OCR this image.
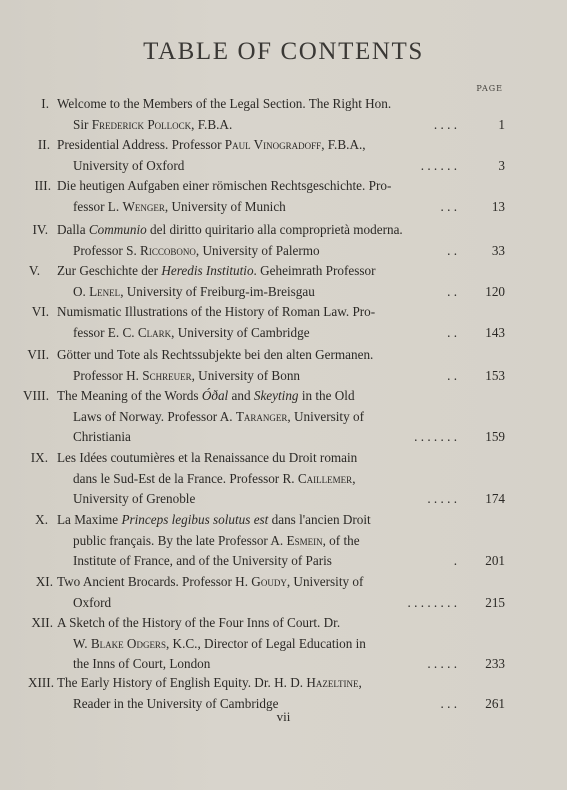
TABLE OF CONTENTS
PAGE
I. Welcome to the Members of the Legal Section. The Right Hon.
Sir Frederick Pollock, F.B.A.	. . . .	1
II. Presidential Address. Professor Paul Vinogradoff, F.B.A.,
University of Oxford	. . . . . .	3
III. Die heutigen Aufgaben einer römischen Rechtsgeschichte. Pro-
fessor L. Wenger, University of Munich	. . .	13
IV. Dalla Communio del diritto quiritario alla comproprietà moderna.
Professor S. Riccobono, University of Palermo	. .	33
V. Zur Geschichte der Heredis Institutio. Geheimrath Professor
O. Lenel, University of Freiburg-im-Breisgau	. . 120
VI. Numismatic Illustrations of the History of Roman Law. Pro-
fessor E. C. Clark, University of Cambridge	. . 143
VII. Götter und Tote als Rechtssubjekte bei den alten Germanen.
Professor H. Schreuer, University of Bonn	. . 153
VIII. The Meaning of the Words Óðal and Skeyting in the Old
Laws of Norway. Professor A. Taranger, University of
Christiania	. . . . . . . 159
IX. Les Idées coutumières et la Renaissance du Droit romain
dans le Sud-Est de la France. Professor R. Caillemer,
University of Grenoble	. . . . . 174
X. La Maxime Princeps legibus solutus est dans l'ancien Droit
public français. By the late Professor A. Esmein, of the
Institute of France, and of the University of Paris	. 201
XI. Two Ancient Brocards. Professor H. Goudy, University of
Oxford	. . . . . . . . 215
XII. A Sketch of the History of the Four Inns of Court. Dr.
W. Blake Odgers, K.C., Director of Legal Education in
the Inns of Court, London	. . . . . 233
XIII. The Early History of English Equity. Dr. H. D. Hazeltine,
Reader in the University of Cambridge	. . . 261
vii
